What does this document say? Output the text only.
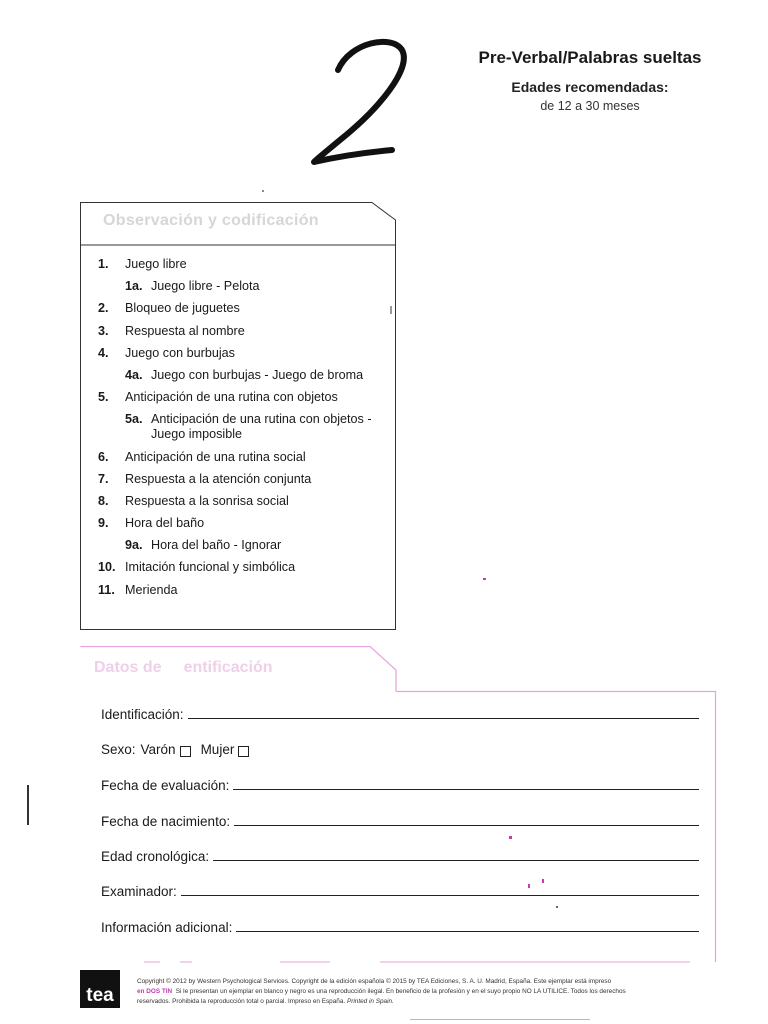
Pre-Verbal/Palabras sueltas
Edades recomendadas:
de 12 a 30 meses
Observación y codificación
1.	Juego libre
1a. Juego libre - Pelota
2.	Bloqueo de juguetes
3.	Respuesta al nombre
4.	Juego con burbujas
4a. Juego con burbujas - Juego de broma
5.	Anticipación de una rutina con objetos
5a. Anticipación de una rutina con objetos - Juego imposible
6.	Anticipación de una rutina social
7.	Respuesta a la atención conjunta
8.	Respuesta a la sonrisa social
9.	Hora del baño
9a. Hora del baño - Ignorar
10. Imitación funcional y simbólica
11. Merienda
Datos de entificación
Identificación:
Sexo: Varón Mujer
Fecha de evaluación:
Fecha de nacimiento:
Edad cronológica:
Examinador:
Información adicional:
tea
Copyright © 2012 by Western Psychological Services. Copyright de la edición española © 2015 by TEA Ediciones, S. A. U. Madrid, España. Este ejemplar está impreso
en DOS TIN Si le presentan un ejemplar en blanco y negro es una reproducción ilegal. En beneficio de la profesión y en el suyo propio NO LA UTILICE. Todos los derechos
reservados. Prohibida la reproducción total o parcial. Impreso en España. Printed in Spain.
